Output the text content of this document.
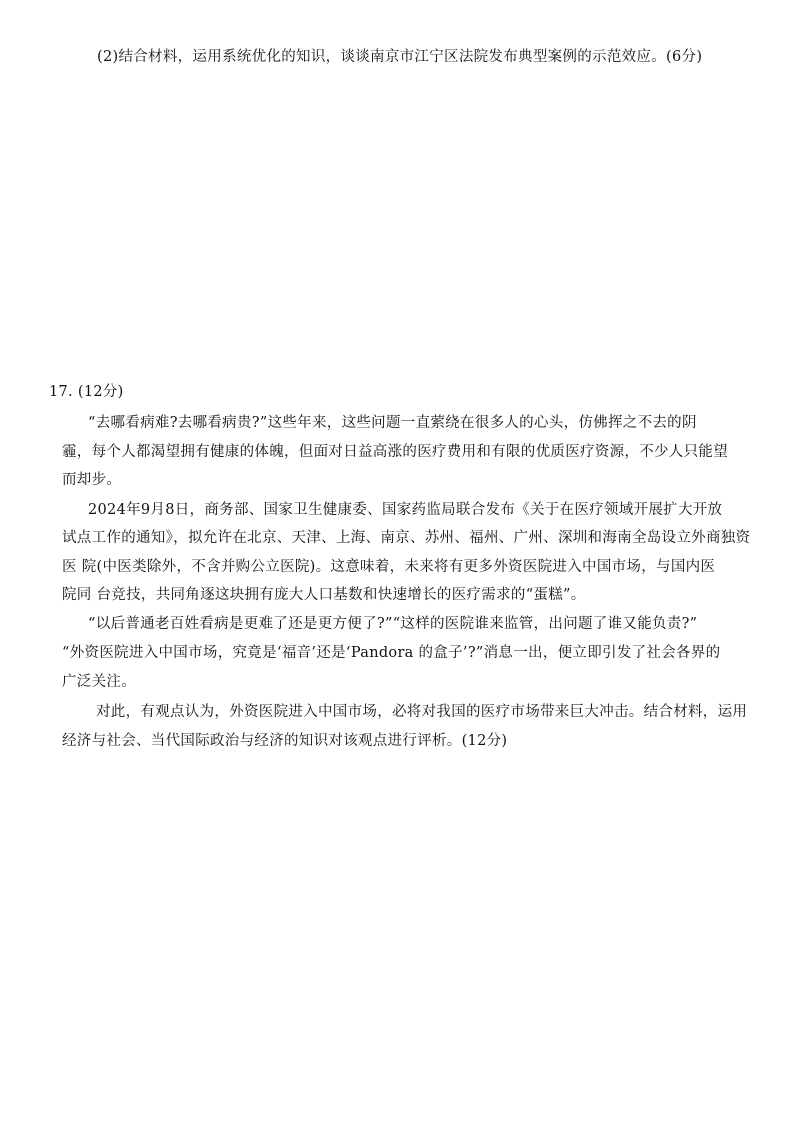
(2)结合材料，运用系统优化的知识，谈谈南京市江宁区法院发布典型案例的示范效应。(6分)
17. (12分)
“去哪看病难?去哪看病贵?”这些年来，这些问题一直萦绕在很多人的心头，仿佛挥之不去的阴
霾，每个人都渴望拥有健康的体魄，但面对日益高涨的医疗费用和有限的优质医疗资源，不少人只能望
而却步。
2024年9月8日，商务部、国家卫生健康委、国家药监局联合发布《关于在医疗领域开展扩大开放
试点工作的通知》，拟允许在北京、天津、上海、南京、苏州、福州、广州、深圳和海南全岛设立外商独资
医 院(中医类除外，不含并购公立医院)。这意味着，未来将有更多外资医院进入中国市场，与国内医
院同 台竞技，共同角逐这块拥有庞大人口基数和快速增长的医疗需求的“蛋糕”。
“以后普通老百姓看病是更难了还是更方便了?”“这样的医院谁来监管，出问题了谁又能负责?”
“外资医院进入中国市场，究竟是‘福音’还是‘Pandora 的盒子’?”消息一出，便立即引发了社会各界的
广泛关注。
对此，有观点认为，外资医院进入中国市场，必将对我国的医疗市场带来巨大冲击。结合材料，运用
经济与社会、当代国际政治与经济的知识对该观点进行评析。(12分)
